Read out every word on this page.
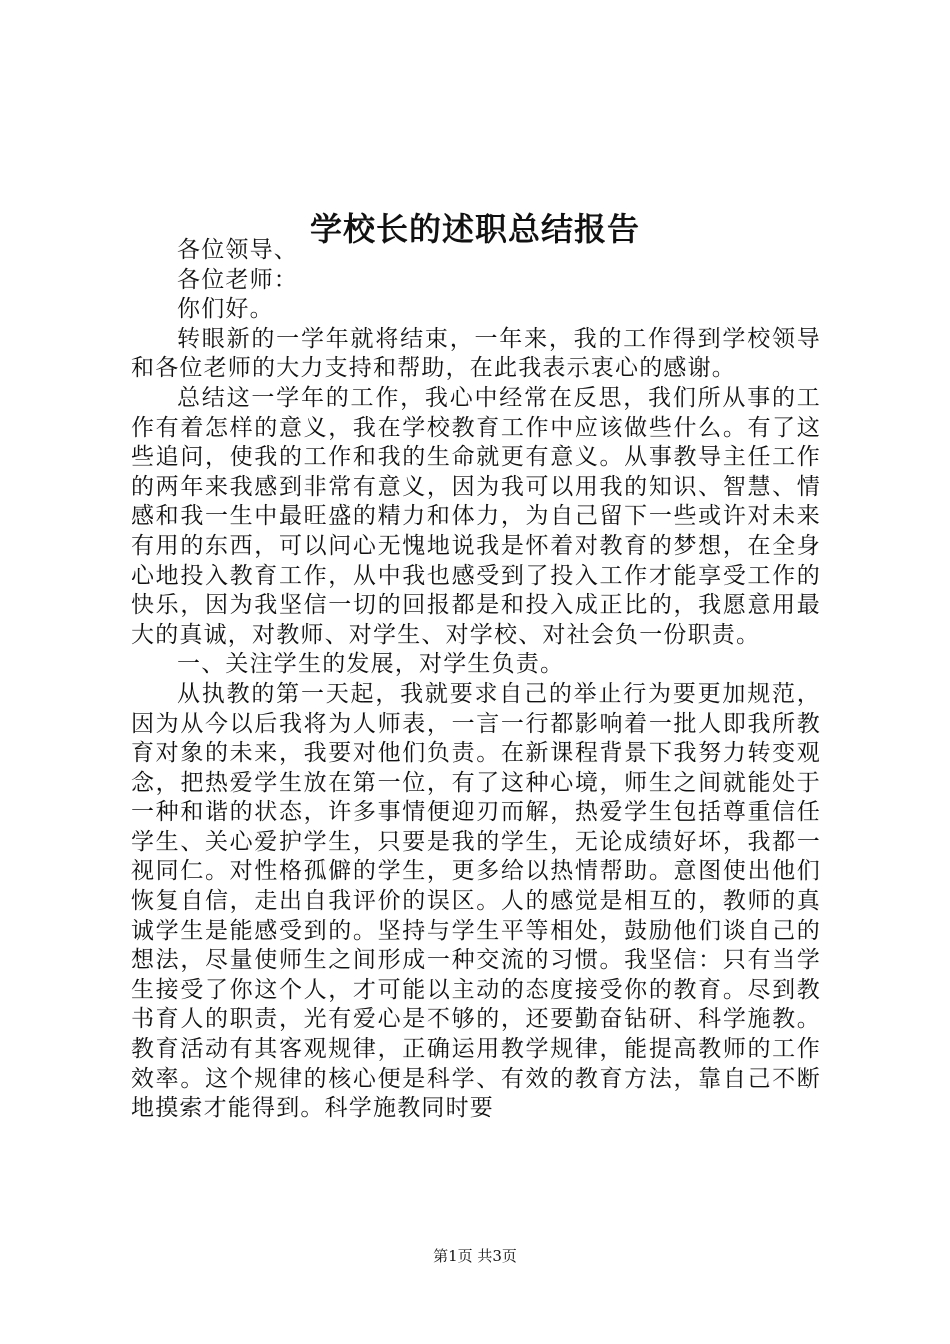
学校长的述职总结报告

各位领导、

各位老师：

你们好。

转眼新的一学年就将结束，一年来，我的工作得到学校领导和各位老师的大力支持和帮助，在此我表示衷心的感谢。

总结这一学年的工作，我心中经常在反思，我们所从事的工作有着怎样的意义，我在学校教育工作中应该做些什么。有了这些追问，使我的工作和我的生命就更有意义。从事教导主任工作的两年来我感到非常有意义，因为我可以用我的知识、智慧、情感和我一生中最旺盛的精力和体力，为自己留下一些或许对未来有用的东西，可以问心无愧地说我是怀着对教育的梦想，在全身心地投入教育工作，从中我也感受到了投入工作才能享受工作的快乐，因为我坚信一切的回报都是和投入成正比的，我愿意用最大的真诚，对教师、对学生、对学校、对社会负一份职责。

一、关注学生的发展，对学生负责。

从执教的第一天起，我就要求自己的举止行为要更加规范，因为从今以后我将为人师表，一言一行都影响着一批人即我所教育对象的未来，我要对他们负责。在新课程背景下我努力转变观念，把热爱学生放在第一位，有了这种心境，师生之间就能处于一种和谐的状态，许多事情便迎刃而解，热爱学生包括尊重信任学生、关心爱护学生，只要是我的学生，无论成绩好坏，我都一视同仁。对性格孤僻的学生，更多给以热情帮助。意图使出他们恢复自信，走出自我评价的误区。人的感觉是相互的，教师的真诚学生是能感受到的。坚持与学生平等相处，鼓励他们谈自己的想法，尽量使师生之间形成一种交流的习惯。我坚信：只有当学生接受了你这个人，才可能以主动的态度接受你的教育。尽到教书育人的职责，光有爱心是不够的，还要勤奋钻研、科学施教。教育活动有其客观规律，正确运用教学规律，能提高教师的工作效率。这个规律的核心便是科学、有效的教育方法，靠自己不断地摸索才能得到。科学施教同时要

第1页 共3页
